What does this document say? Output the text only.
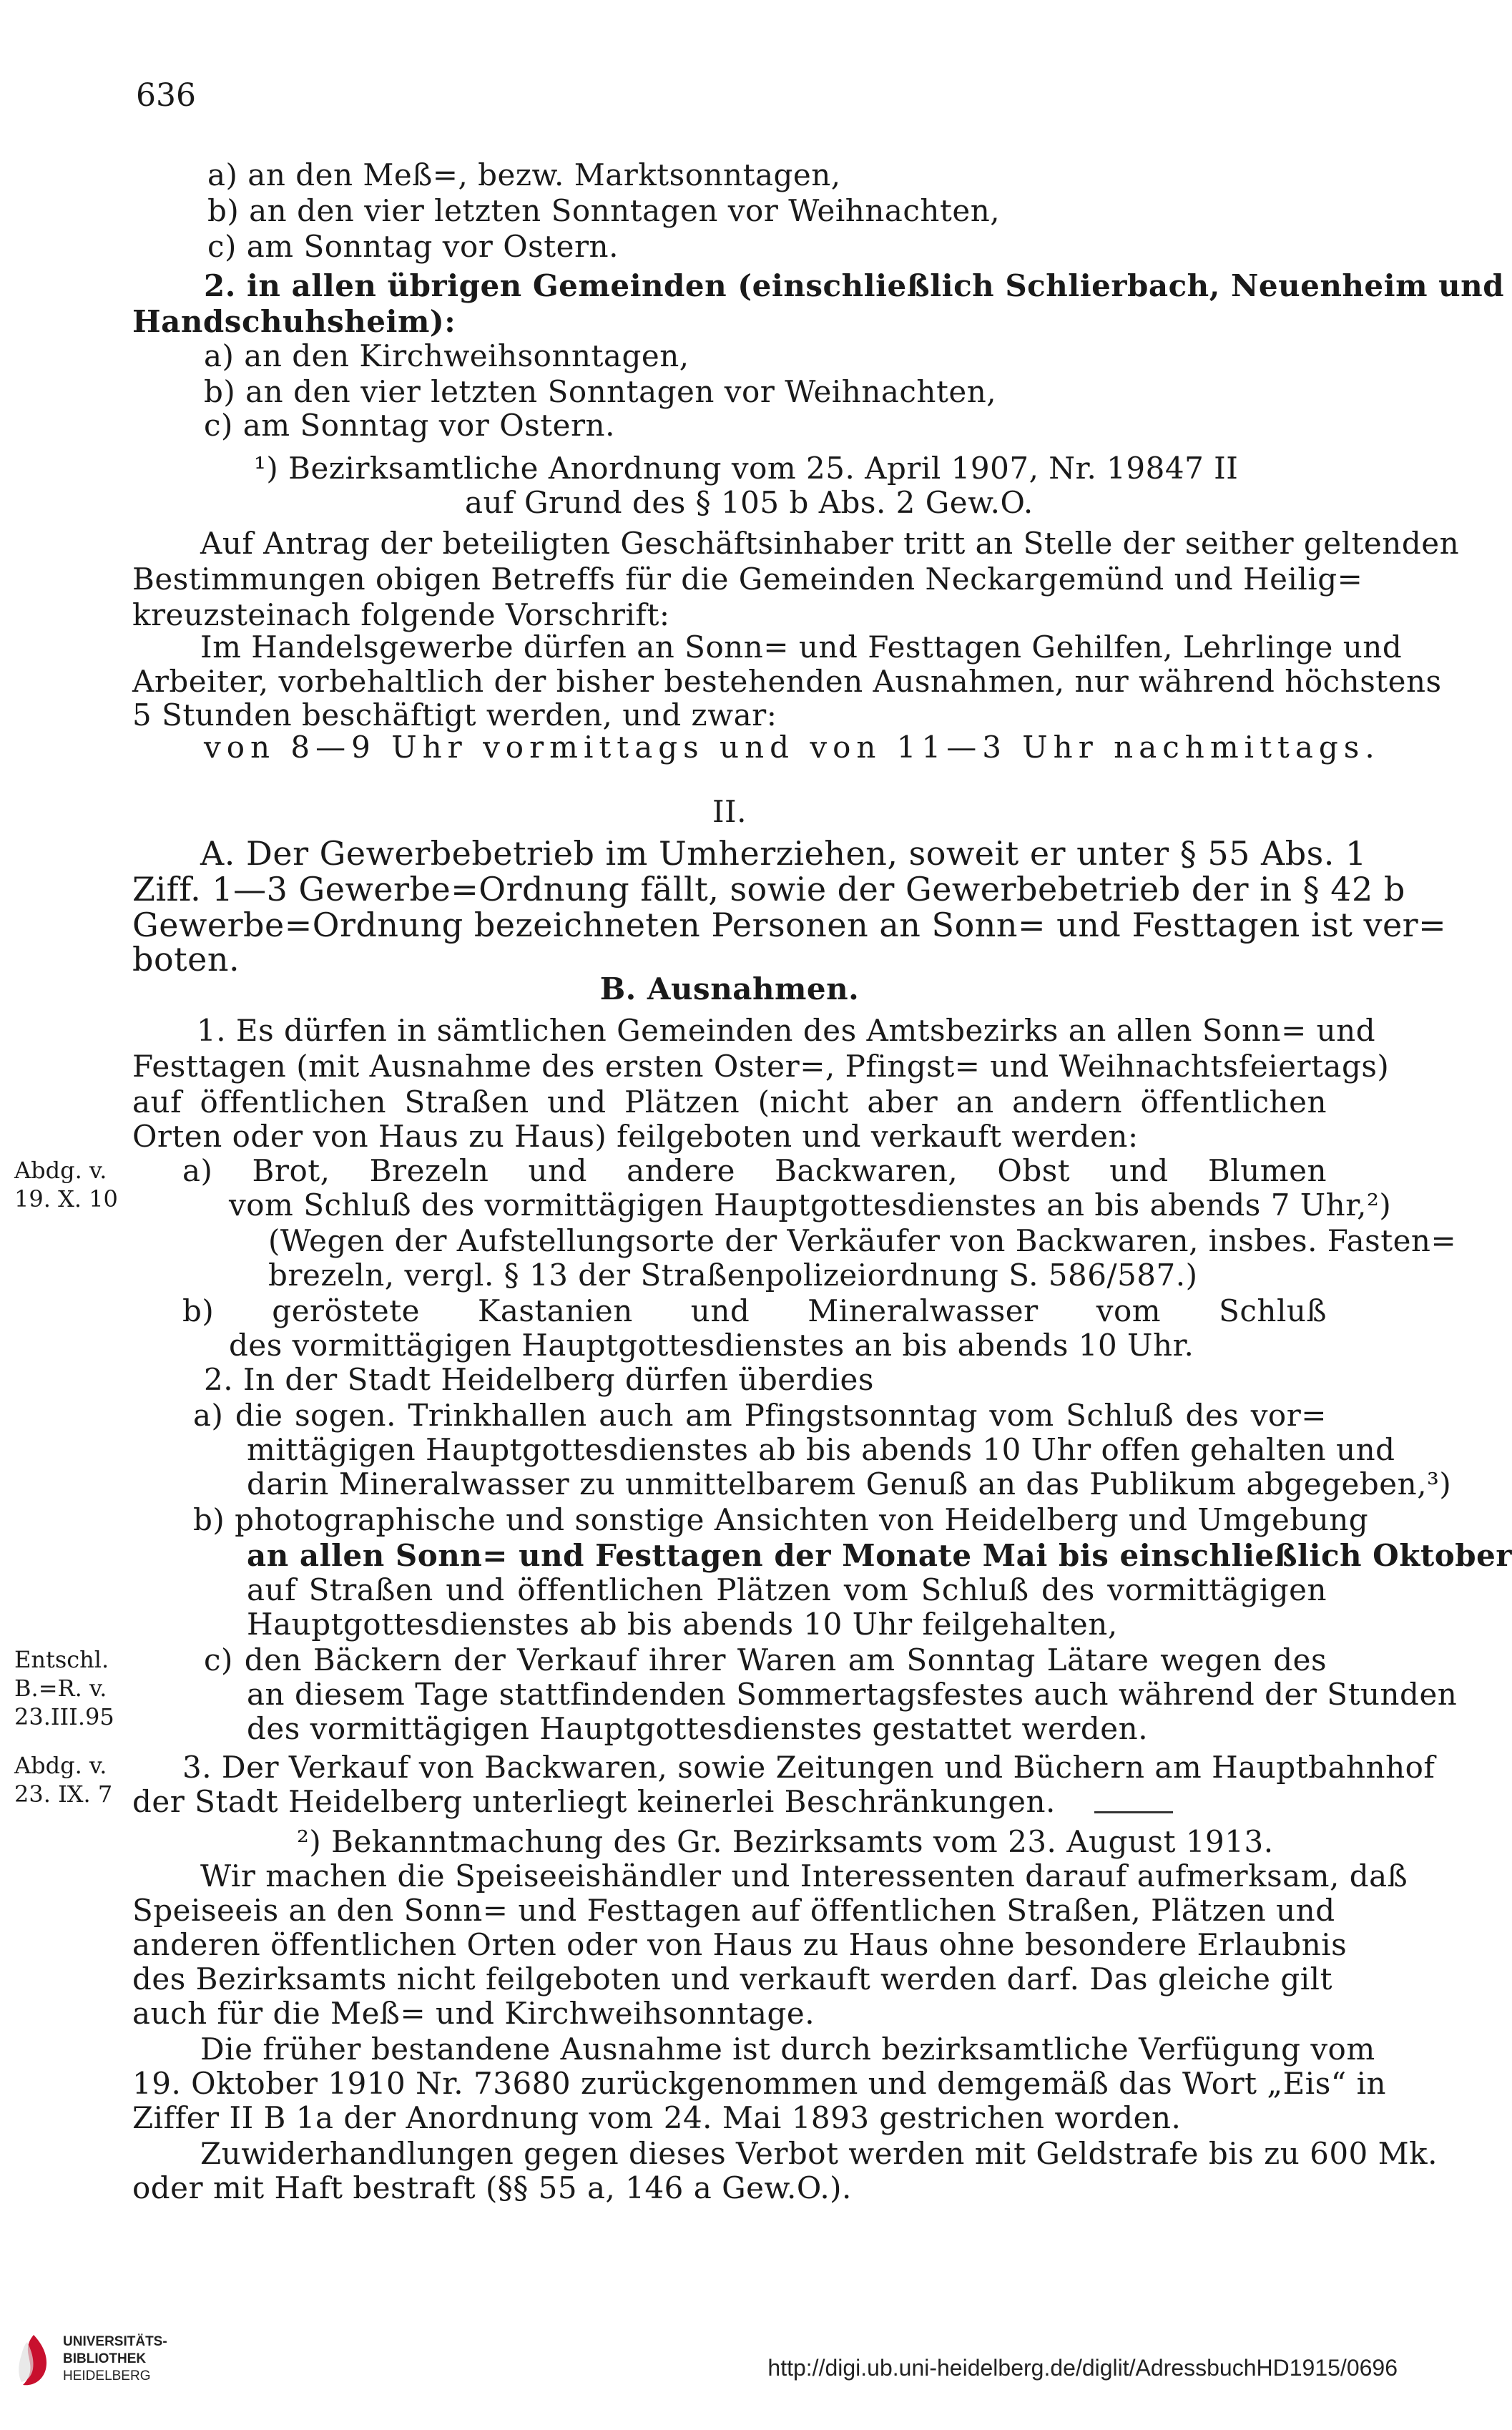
636
a) an den Meß=, bezw. Marktsonntagen,
b) an den vier letzten Sonntagen vor Weihnachten,
c) am Sonntag vor Ostern.
2. in allen übrigen Gemeinden (einschließlich Schlierbach, Neuenheim und
Handschuhsheim):
a) an den Kirchweihsonntagen,
b) an den vier letzten Sonntagen vor Weihnachten,
c) am Sonntag vor Ostern.
¹) Bezirksamtliche Anordnung vom 25. April 1907, Nr. 19847 II
auf Grund des § 105 b Abs. 2 Gew.O.
Auf Antrag der beteiligten Geschäftsinhaber tritt an Stelle der seither geltenden
Bestimmungen obigen Betreffs für die Gemeinden Neckargemünd und Heilig=
kreuzsteinach folgende Vorschrift:
Im Handelsgewerbe dürfen an Sonn= und Festtagen Gehilfen, Lehrlinge und
Arbeiter, vorbehaltlich der bisher bestehenden Ausnahmen, nur während höchstens
5 Stunden beschäftigt werden, und zwar:
von 8—9 Uhr vormittags und von 11—3 Uhr nachmittags.
II.
A. Der Gewerbebetrieb im Umherziehen, soweit er unter § 55 Abs. 1
Ziff. 1—3 Gewerbe=Ordnung fällt, sowie der Gewerbebetrieb der in § 42 b
Gewerbe=Ordnung bezeichneten Personen an Sonn= und Festtagen ist ver=
boten.
B. Ausnahmen.
1. Es dürfen in sämtlichen Gemeinden des Amtsbezirks an allen Sonn= und
Festtagen (mit Ausnahme des ersten Oster=, Pfingst= und Weihnachtsfeiertags)
auf öffentlichen Straßen und Plätzen (nicht aber an andern öffentlichen
Orten oder von Haus zu Haus) feilgeboten und verkauft werden:
a) Brot, Brezeln und andere Backwaren, Obst und Blumen
vom Schluß des vormittägigen Hauptgottesdienstes an bis abends 7 Uhr,²)
(Wegen der Aufstellungsorte der Verkäufer von Backwaren, insbes. Fasten=
brezeln, vergl. § 13 der Straßenpolizeiordnung S. 586/587.)
b) geröstete Kastanien und Mineralwasser vom Schluß
des vormittägigen Hauptgottesdienstes an bis abends 10 Uhr.
2. In der Stadt Heidelberg dürfen überdies
a) die sogen. Trinkhallen auch am Pfingstsonntag vom Schluß des vor=
mittägigen Hauptgottesdienstes ab bis abends 10 Uhr offen gehalten und
darin Mineralwasser zu unmittelbarem Genuß an das Publikum abgegeben,³)
b) photographische und sonstige Ansichten von Heidelberg und Umgebung
an allen Sonn= und Festtagen der Monate Mai bis einschließlich Oktober
auf Straßen und öffentlichen Plätzen vom Schluß des vormittägigen
Hauptgottesdienstes ab bis abends 10 Uhr feilgehalten,
c) den Bäckern der Verkauf ihrer Waren am Sonntag Lätare wegen des
an diesem Tage stattfindenden Sommertagsfestes auch während der Stunden
des vormittägigen Hauptgottesdienstes gestattet werden.
3. Der Verkauf von Backwaren, sowie Zeitungen und Büchern am Hauptbahnhof
der Stadt Heidelberg unterliegt keinerlei Beschränkungen.
²) Bekanntmachung des Gr. Bezirksamts vom 23. August 1913.
Wir machen die Speiseeishändler und Interessenten darauf aufmerksam, daß
Speiseeis an den Sonn= und Festtagen auf öffentlichen Straßen, Plätzen und
anderen öffentlichen Orten oder von Haus zu Haus ohne besondere Erlaubnis
des Bezirksamts nicht feilgeboten und verkauft werden darf. Das gleiche gilt
auch für die Meß= und Kirchweihsonntage.
Die früher bestandene Ausnahme ist durch bezirksamtliche Verfügung vom
19. Oktober 1910 Nr. 73680 zurückgenommen und demgemäß das Wort „Eis“ in
Ziffer II B 1a der Anordnung vom 24. Mai 1893 gestrichen worden.
Zuwiderhandlungen gegen dieses Verbot werden mit Geldstrafe bis zu 600 Mk.
oder mit Haft bestraft (§§ 55 a, 146 a Gew.O.).
Abdg. v.
19. X. 10
Entschl.
B.=R. v.
23.III.95
Abdg. v.
23. IX. 7
UNIVERSITÄTS-
BIBLIOTHEK
HEIDELBERG	http://digi.ub.uni-heidelberg.de/diglit/AdressbuchHD1915/0696
